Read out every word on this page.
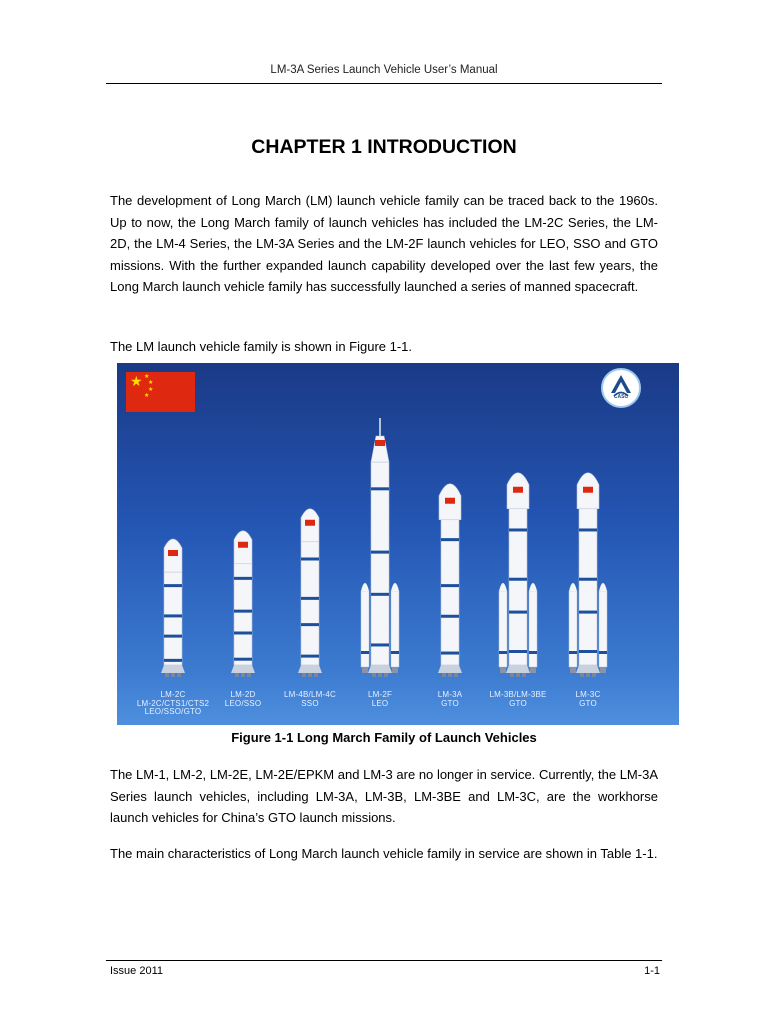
LM-3A Series Launch Vehicle User’s Manual
CHAPTER 1 INTRODUCTION
The development of Long March (LM) launch vehicle family can be traced back to the 1960s. Up to now, the Long March family of launch vehicles has included the LM-2C Series, the LM-2D, the LM-4 Series, the LM-3A Series and the LM-2F launch vehicles for LEO, SSO and GTO missions. With the further expanded launch capability developed over the last few years, the Long March launch vehicle family has successfully launched a series of manned spacecraft.
The LM launch vehicle family is shown in Figure 1-1.
★ ★
★
★
★	CASC
LM-2C
LM-2C/CTS1/CTS2
LEO/SSO/GTO
LM-2D
LEO/SSO
LM-4B/LM-4C
SSO
LM-2F
LEO
LM-3A
GTO
LM-3B/LM-3BE
GTO
LM-3C
GTO
Figure 1-1 Long March Family of Launch Vehicles
The LM-1, LM-2, LM-2E, LM-2E/EPKM and LM-3 are no longer in service. Currently, the LM-3A Series launch vehicles, including LM-3A, LM-3B, LM-3BE and LM-3C, are the workhorse launch vehicles for China’s GTO launch missions.
The main characteristics of Long March launch vehicle family in service are shown in Table 1-1.
Issue 2011	1-1
